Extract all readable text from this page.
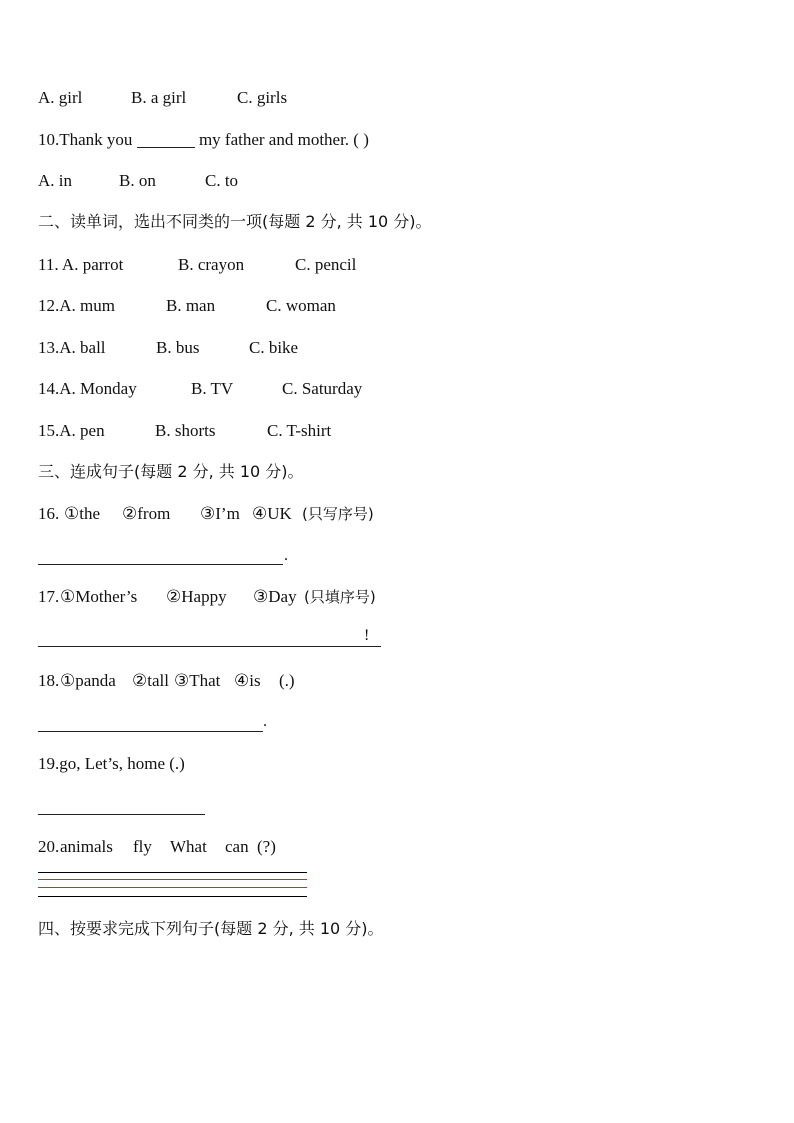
A. girl	B. a girl	C. girls
10.Thank you	my father and mother. ( )
A. in	B. on	C. to
二、读单词，选出不同类的一项(每题 2 分, 共 10 分)。
11. A. parrot	B. crayon	C. pencil
12.A. mum	B. man	C. woman
13.A. ball	B. bus	C. bike
14.A. Monday	B. TV	C. Saturday
15.A. pen	B. shorts	C. T-shirt
三、连成句子(每题 2 分, 共 10 分)。
16. ①the ②from ③I’m ④UK (只写序号)
.
17.①Mother’s ②Happy ③Day (只填序号)
!
18.①panda ②tall ③That ④is (.)
.
19.go, Let’s, home (.)
20.animals fly What can (?)
四、按要求完成下列句子(每题 2 分, 共 10 分)。
